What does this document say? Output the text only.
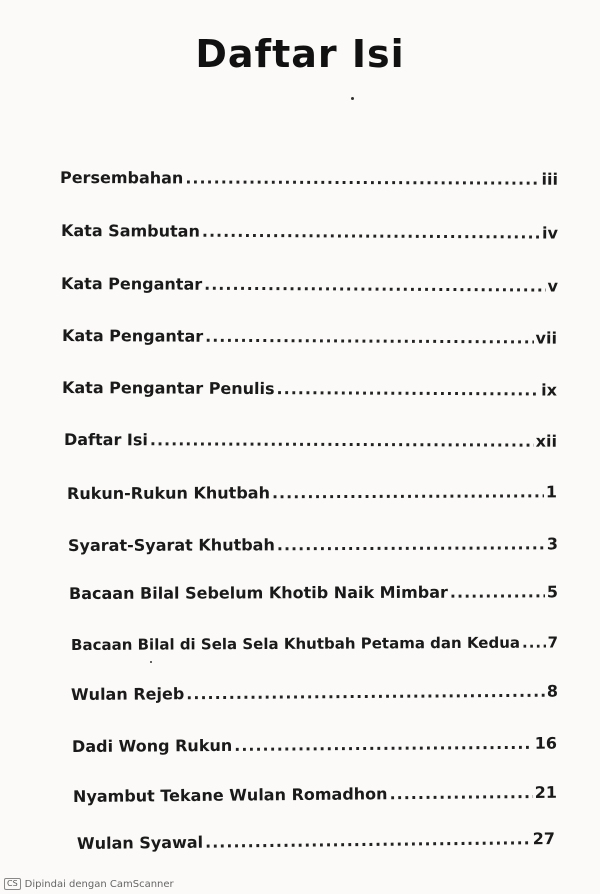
Daftar Isi
Persembahan .....	iii
Kata Sambutan .....	iv
Kata Pengantar .....	v
Kata Pengantar .....	vii
Kata Pengantar Penulis .....	ix
Daftar Isi .....	xii
Rukun-Rukun Khutbah .....	1
Syarat-Syarat Khutbah .....	3
Bacaan Bilal Sebelum Khotib Naik Mimbar .....	5
Bacaan Bilal di Sela Sela Khutbah Petama dan Kedua ..... 7
Wulan Rejeb .....	8
Dadi Wong Rukun .....	16
Nyambut Tekane Wulan Romadhon .....	21
Wulan Syawal .....	27
CS Dipindai dengan CamScanner
